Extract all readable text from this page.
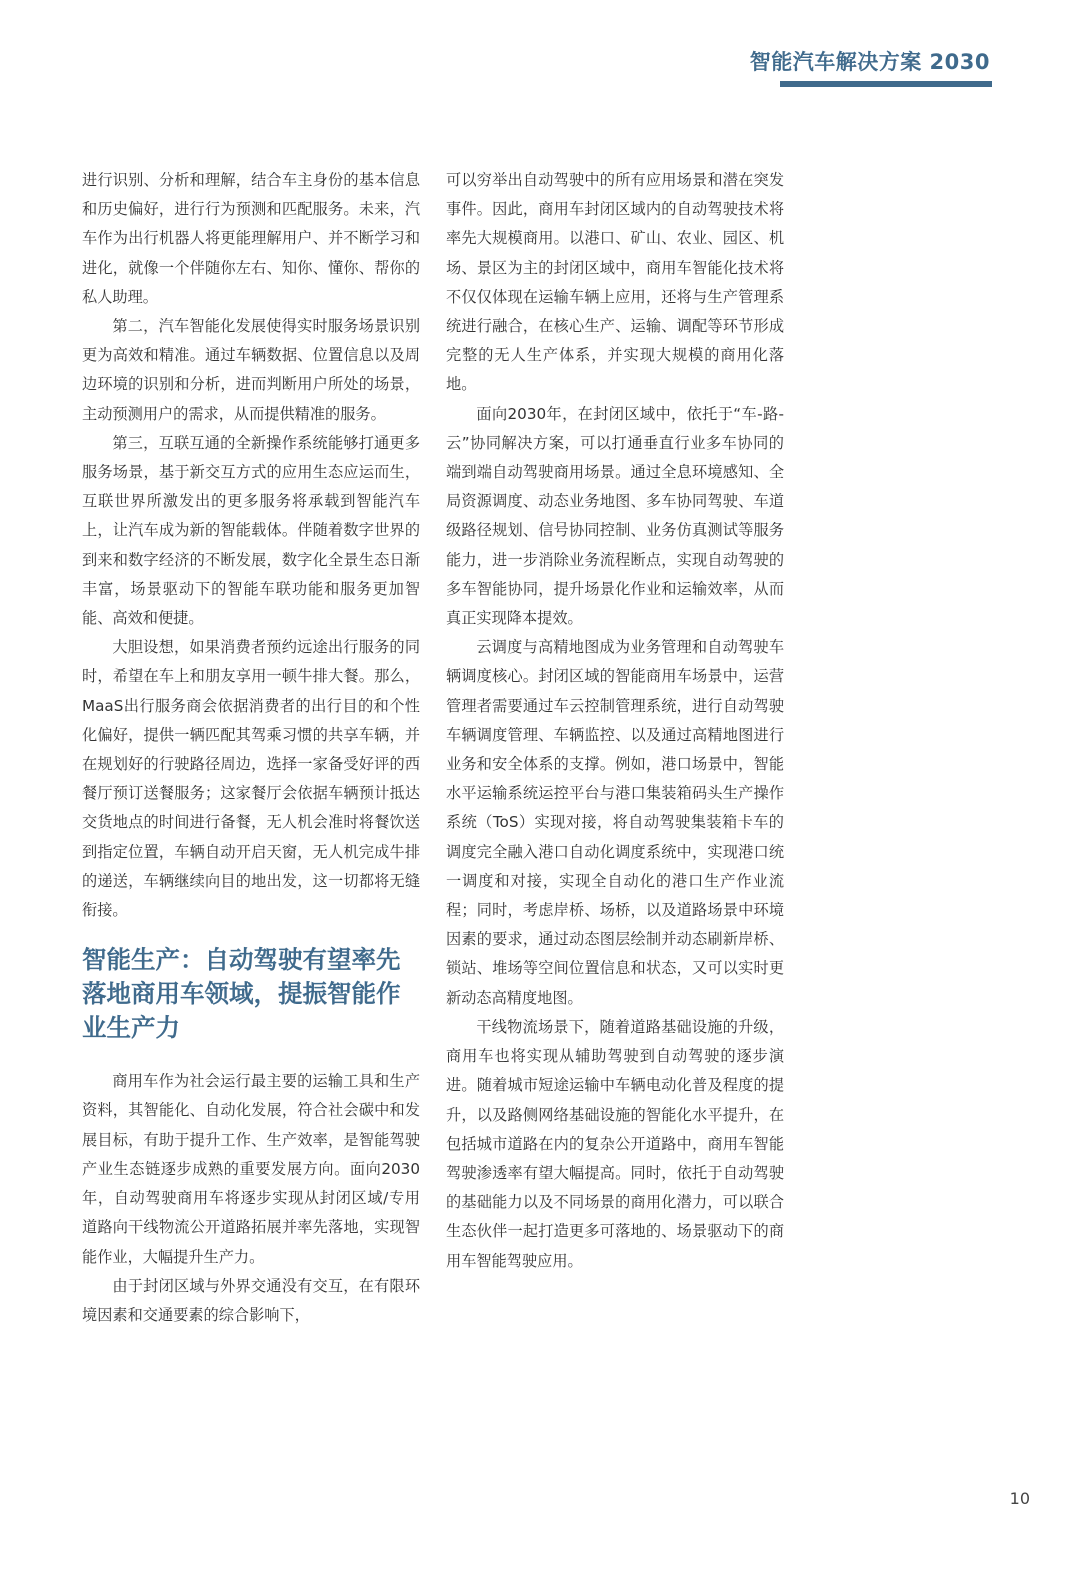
智能汽车解决方案 2030

进行识别、分析和理解，结合车主身份的基本信息和历史偏好，进行行为预测和匹配服务。未来，汽车作为出行机器人将更能理解用户、并不断学习和进化，就像一个伴随你左右、知你、懂你、帮你的私人助理。

第二，汽车智能化发展使得实时服务场景识别更为高效和精准。通过车辆数据、位置信息以及周边环境的识别和分析，进而判断用户所处的场景，主动预测用户的需求，从而提供精准的服务。

第三，互联互通的全新操作系统能够打通更多服务场景，基于新交互方式的应用生态应运而生，互联世界所激发出的更多服务将承载到智能汽车上，让汽车成为新的智能载体。伴随着数字世界的到来和数字经济的不断发展，数字化全景生态日渐丰富，场景驱动下的智能车联功能和服务更加智能、高效和便捷。

大胆设想，如果消费者预约远途出行服务的同时，希望在车上和朋友享用一顿牛排大餐。那么，MaaS出行服务商会依据消费者的出行目的和个性化偏好，提供一辆匹配其驾乘习惯的共享车辆，并在规划好的行驶路径周边，选择一家备受好评的西餐厅预订送餐服务；这家餐厅会依据车辆预计抵达交货地点的时间进行备餐，无人机会准时将餐饮送到指定位置，车辆自动开启天窗，无人机完成牛排的递送，车辆继续向目的地出发，这一切都将无缝衔接。

智能生产：自动驾驶有望率先落地商用车领域，提振智能作业生产力

商用车作为社会运行最主要的运输工具和生产资料，其智能化、自动化发展，符合社会碳中和发展目标，有助于提升工作、生产效率，是智能驾驶产业生态链逐步成熟的重要发展方向。面向2030年，自动驾驶商用车将逐步实现从封闭区域/专用道路向干线物流公开道路拓展并率先落地，实现智能作业，大幅提升生产力。

由于封闭区域与外界交通没有交互，在有限环境因素和交通要素的综合影响下，

可以穷举出自动驾驶中的所有应用场景和潜在突发事件。因此，商用车封闭区域内的自动驾驶技术将率先大规模商用。以港口、矿山、农业、园区、机场、景区为主的封闭区域中，商用车智能化技术将不仅仅体现在运输车辆上应用，还将与生产管理系统进行融合，在核心生产、运输、调配等环节形成完整的无人生产体系，并实现大规模的商用化落地。

面向2030年，在封闭区域中，依托于“车-路-云”协同解决方案，可以打通垂直行业多车协同的端到端自动驾驶商用场景。通过全息环境感知、全局资源调度、动态业务地图、多车协同驾驶、车道级路径规划、信号协同控制、业务仿真测试等服务能力，进一步消除业务流程断点，实现自动驾驶的多车智能协同，提升场景化作业和运输效率，从而真正实现降本提效。

云调度与高精地图成为业务管理和自动驾驶车辆调度核心。封闭区域的智能商用车场景中，运营管理者需要通过车云控制管理系统，进行自动驾驶车辆调度管理、车辆监控、以及通过高精地图进行业务和安全体系的支撑。例如，港口场景中，智能水平运输系统运控平台与港口集装箱码头生产操作系统（ToS）实现对接，将自动驾驶集装箱卡车的调度完全融入港口自动化调度系统中，实现港口统一调度和对接，实现全自动化的港口生产作业流程；同时，考虑岸桥、场桥，以及道路场景中环境因素的要求，通过动态图层绘制并动态刷新岸桥、锁站、堆场等空间位置信息和状态，又可以实时更新动态高精度地图。

干线物流场景下，随着道路基础设施的升级，商用车也将实现从辅助驾驶到自动驾驶的逐步演进。随着城市短途运输中车辆电动化普及程度的提升，以及路侧网络基础设施的智能化水平提升，在包括城市道路在内的复杂公开道路中，商用车智能驾驶渗透率有望大幅提高。同时，依托于自动驾驶的基础能力以及不同场景的商用化潜力，可以联合生态伙伴一起打造更多可落地的、场景驱动下的商用车智能驾驶应用。

10
